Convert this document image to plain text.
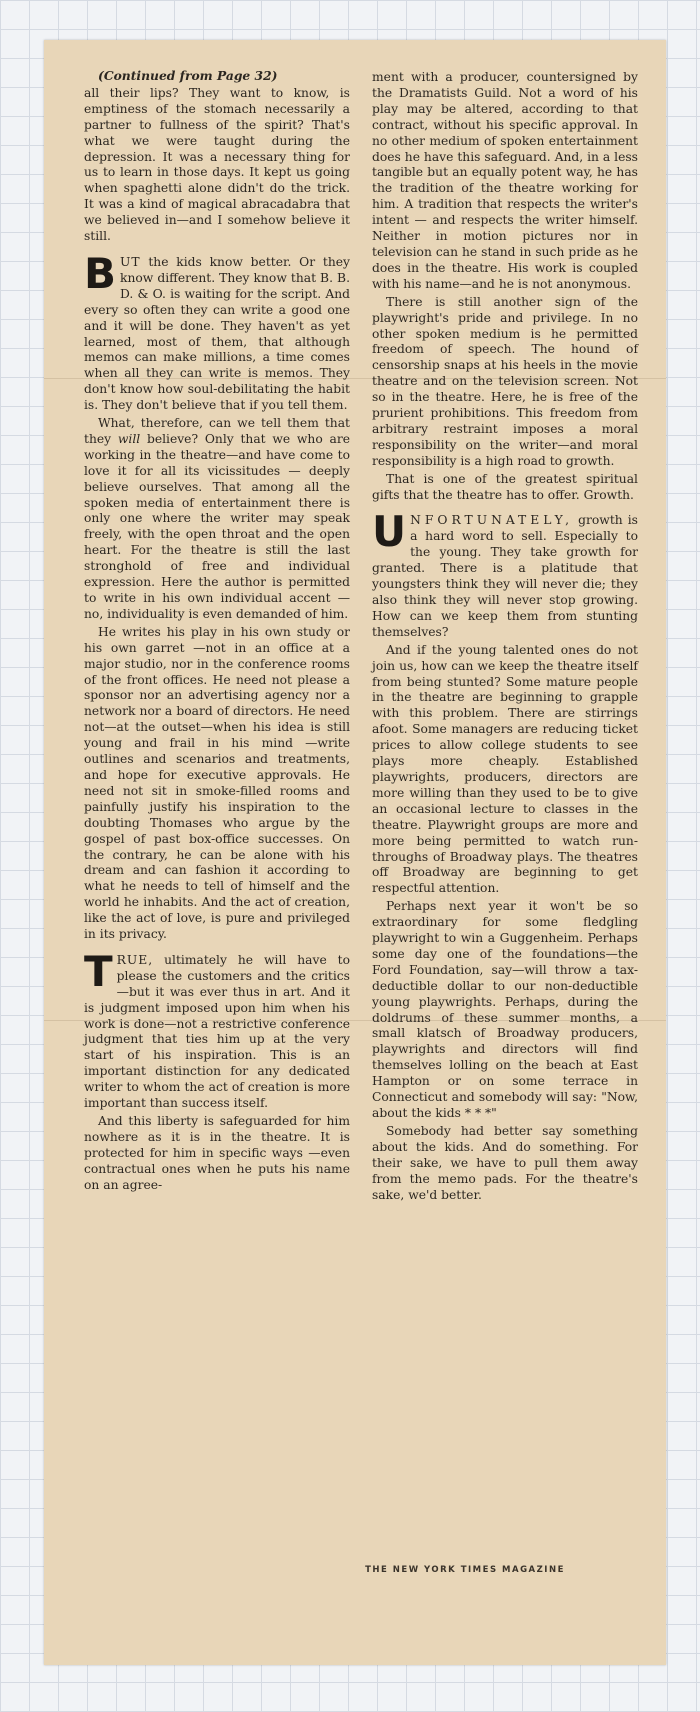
(Continued from Page 32)

all their lips? They want to know, is emptiness of the stomach necessarily a partner to fullness of the spirit? That's what we were taught during the depression. It was a necessary thing for us to learn in those days. It kept us going when spaghetti alone didn't do the trick. It was a kind of magical abracadabra that we believed in—and I somehow believe it still.

BUT the kids know better. Or they know different. They know that B. B. D. & O. is waiting for the script. And every so often they can write a good one and it will be done. They haven't as yet learned, most of them, that although memos can make millions, a time comes when all they can write is memos. They don't know how soul-debilitating the habit is. They don't believe that if you tell them.

What, therefore, can we tell them that they will believe? Only that we who are working in the theatre—and have come to love it for all its vicissitudes — deeply believe ourselves. That among all the spoken media of entertainment there is only one where the writer may speak freely, with the open throat and the open heart. For the theatre is still the last stronghold of free and individual expression. Here the author is permitted to write in his own individual accent — no, individuality is even demanded of him.

He writes his play in his own study or his own garret —not in an office at a major studio, nor in the conference rooms of the front offices. He need not please a sponsor nor an advertising agency nor a network nor a board of directors. He need not—at the outset—when his idea is still young and frail in his mind —write outlines and scenarios and treatments, and hope for executive approvals. He need not sit in smoke-filled rooms and painfully justify his inspiration to the doubting Thomases who argue by the gospel of past box-office successes. On the contrary, he can be alone with his dream and can fashion it according to what he needs to tell of himself and the world he inhabits. And the act of creation, like the act of love, is pure and privileged in its privacy.

TRUE, ultimately he will have to please the customers and the critics—but it was ever thus in art. And it is judgment imposed upon him when his work is done—not a restrictive conference judgment that ties him up at the very start of his inspiration. This is an important distinction for any dedicated writer to whom the act of creation is more important than success itself.

And this liberty is safeguarded for him nowhere as it is in the theatre. It is protected for him in specific ways —even contractual ones when he puts his name on an agree-

ment with a producer, countersigned by the Dramatists Guild. Not a word of his play may be altered, according to that contract, without his specific approval. In no other medium of spoken entertainment does he have this safeguard. And, in a less tangible but an equally potent way, he has the tradition of the theatre working for him. A tradition that respects the writer's intent — and respects the writer himself. Neither in motion pictures nor in television can he stand in such pride as he does in the theatre. His work is coupled with his name—and he is not anonymous.

There is still another sign of the playwright's pride and privilege. In no other spoken medium is he permitted freedom of speech. The hound of censorship snaps at his heels in the movie theatre and on the television screen. Not so in the theatre. Here, he is free of the prurient prohibitions. This freedom from arbitrary restraint imposes a moral responsibility on the writer—and moral responsibility is a high road to growth.

That is one of the greatest spiritual gifts that the theatre has to offer. Growth.

UNFORTUNATELY, growth is a hard word to sell. Especially to the young. They take growth for granted. There is a platitude that youngsters think they will never die; they also think they will never stop growing. How can we keep them from stunting themselves?

And if the young talented ones do not join us, how can we keep the theatre itself from being stunted? Some mature people in the theatre are beginning to grapple with this problem. There are stirrings afoot. Some managers are reducing ticket prices to allow college students to see plays more cheaply. Established playwrights, producers, directors are more willing than they used to be to give an occasional lecture to classes in the theatre. Playwright groups are more and more being permitted to watch run-throughs of Broadway plays. The theatres off Broadway are beginning to get respectful attention.

Perhaps next year it won't be so extraordinary for some fledgling playwright to win a Guggenheim. Perhaps some day one of the foundations—the Ford Foundation, say—will throw a tax-deductible dollar to our non-deductible young playwrights. Perhaps, during the doldrums of these summer months, a small klatsch of Broadway producers, playwrights and directors will find themselves lolling on the beach at East Hampton or on some terrace in Connecticut and somebody will say: "Now, about the kids * * *"

Somebody had better say something about the kids. And do something. For their sake, we have to pull them away from the memo pads. For the theatre's sake, we'd better.

THE NEW YORK TIMES MAGAZINE
